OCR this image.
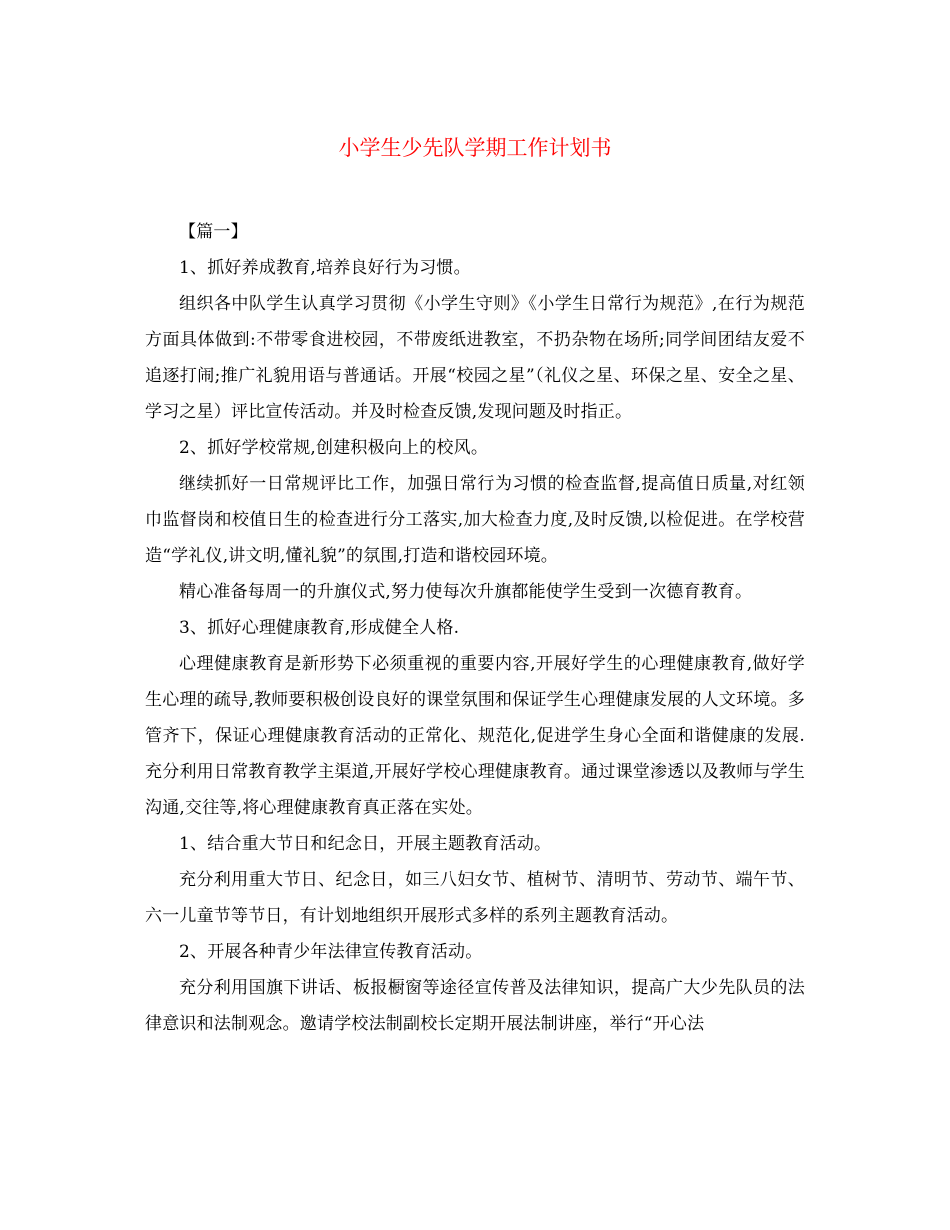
小学生少先队学期工作计划书

【篇一】

1、抓好养成教育,培养良好行为习惯。

组织各中队学生认真学习贯彻《小学生守则》《小学生日常行为规范》,在行为规范方面具体做到:不带零食进校园，不带废纸进教室，不扔杂物在场所;同学间团结友爱不追逐打闹;推广礼貌用语与普通话。开展“校园之星”（礼仪之星、环保之星、安全之星、学习之星）评比宣传活动。并及时检查反馈,发现问题及时指正。

2、抓好学校常规,创建积极向上的校风。

继续抓好一日常规评比工作，加强日常行为习惯的检查监督,提高值日质量,对红领巾监督岗和校值日生的检查进行分工落实,加大检查力度,及时反馈,以检促进。在学校营造“学礼仪,讲文明,懂礼貌”的氛围,打造和谐校园环境。

精心准备每周一的升旗仪式,努力使每次升旗都能使学生受到一次德育教育。

3、抓好心理健康教育,形成健全人格.

心理健康教育是新形势下必须重视的重要内容,开展好学生的心理健康教育,做好学生心理的疏导,教师要积极创设良好的课堂氛围和保证学生心理健康发展的人文环境。多管齐下，保证心理健康教育活动的正常化、规范化,促进学生身心全面和谐健康的发展.充分利用日常教育教学主渠道,开展好学校心理健康教育。通过课堂渗透以及教师与学生沟通,交往等,将心理健康教育真正落在实处。

1、结合重大节日和纪念日，开展主题教育活动。

充分利用重大节日、纪念日，如三八妇女节、植树节、清明节、劳动节、端午节、六一儿童节等节日，有计划地组织开展形式多样的系列主题教育活动。

2、开展各种青少年法律宣传教育活动。

充分利用国旗下讲话、板报橱窗等途径宣传普及法律知识，提高广大少先队员的法律意识和法制观念。邀请学校法制副校长定期开展法制讲座，举行“开心法
